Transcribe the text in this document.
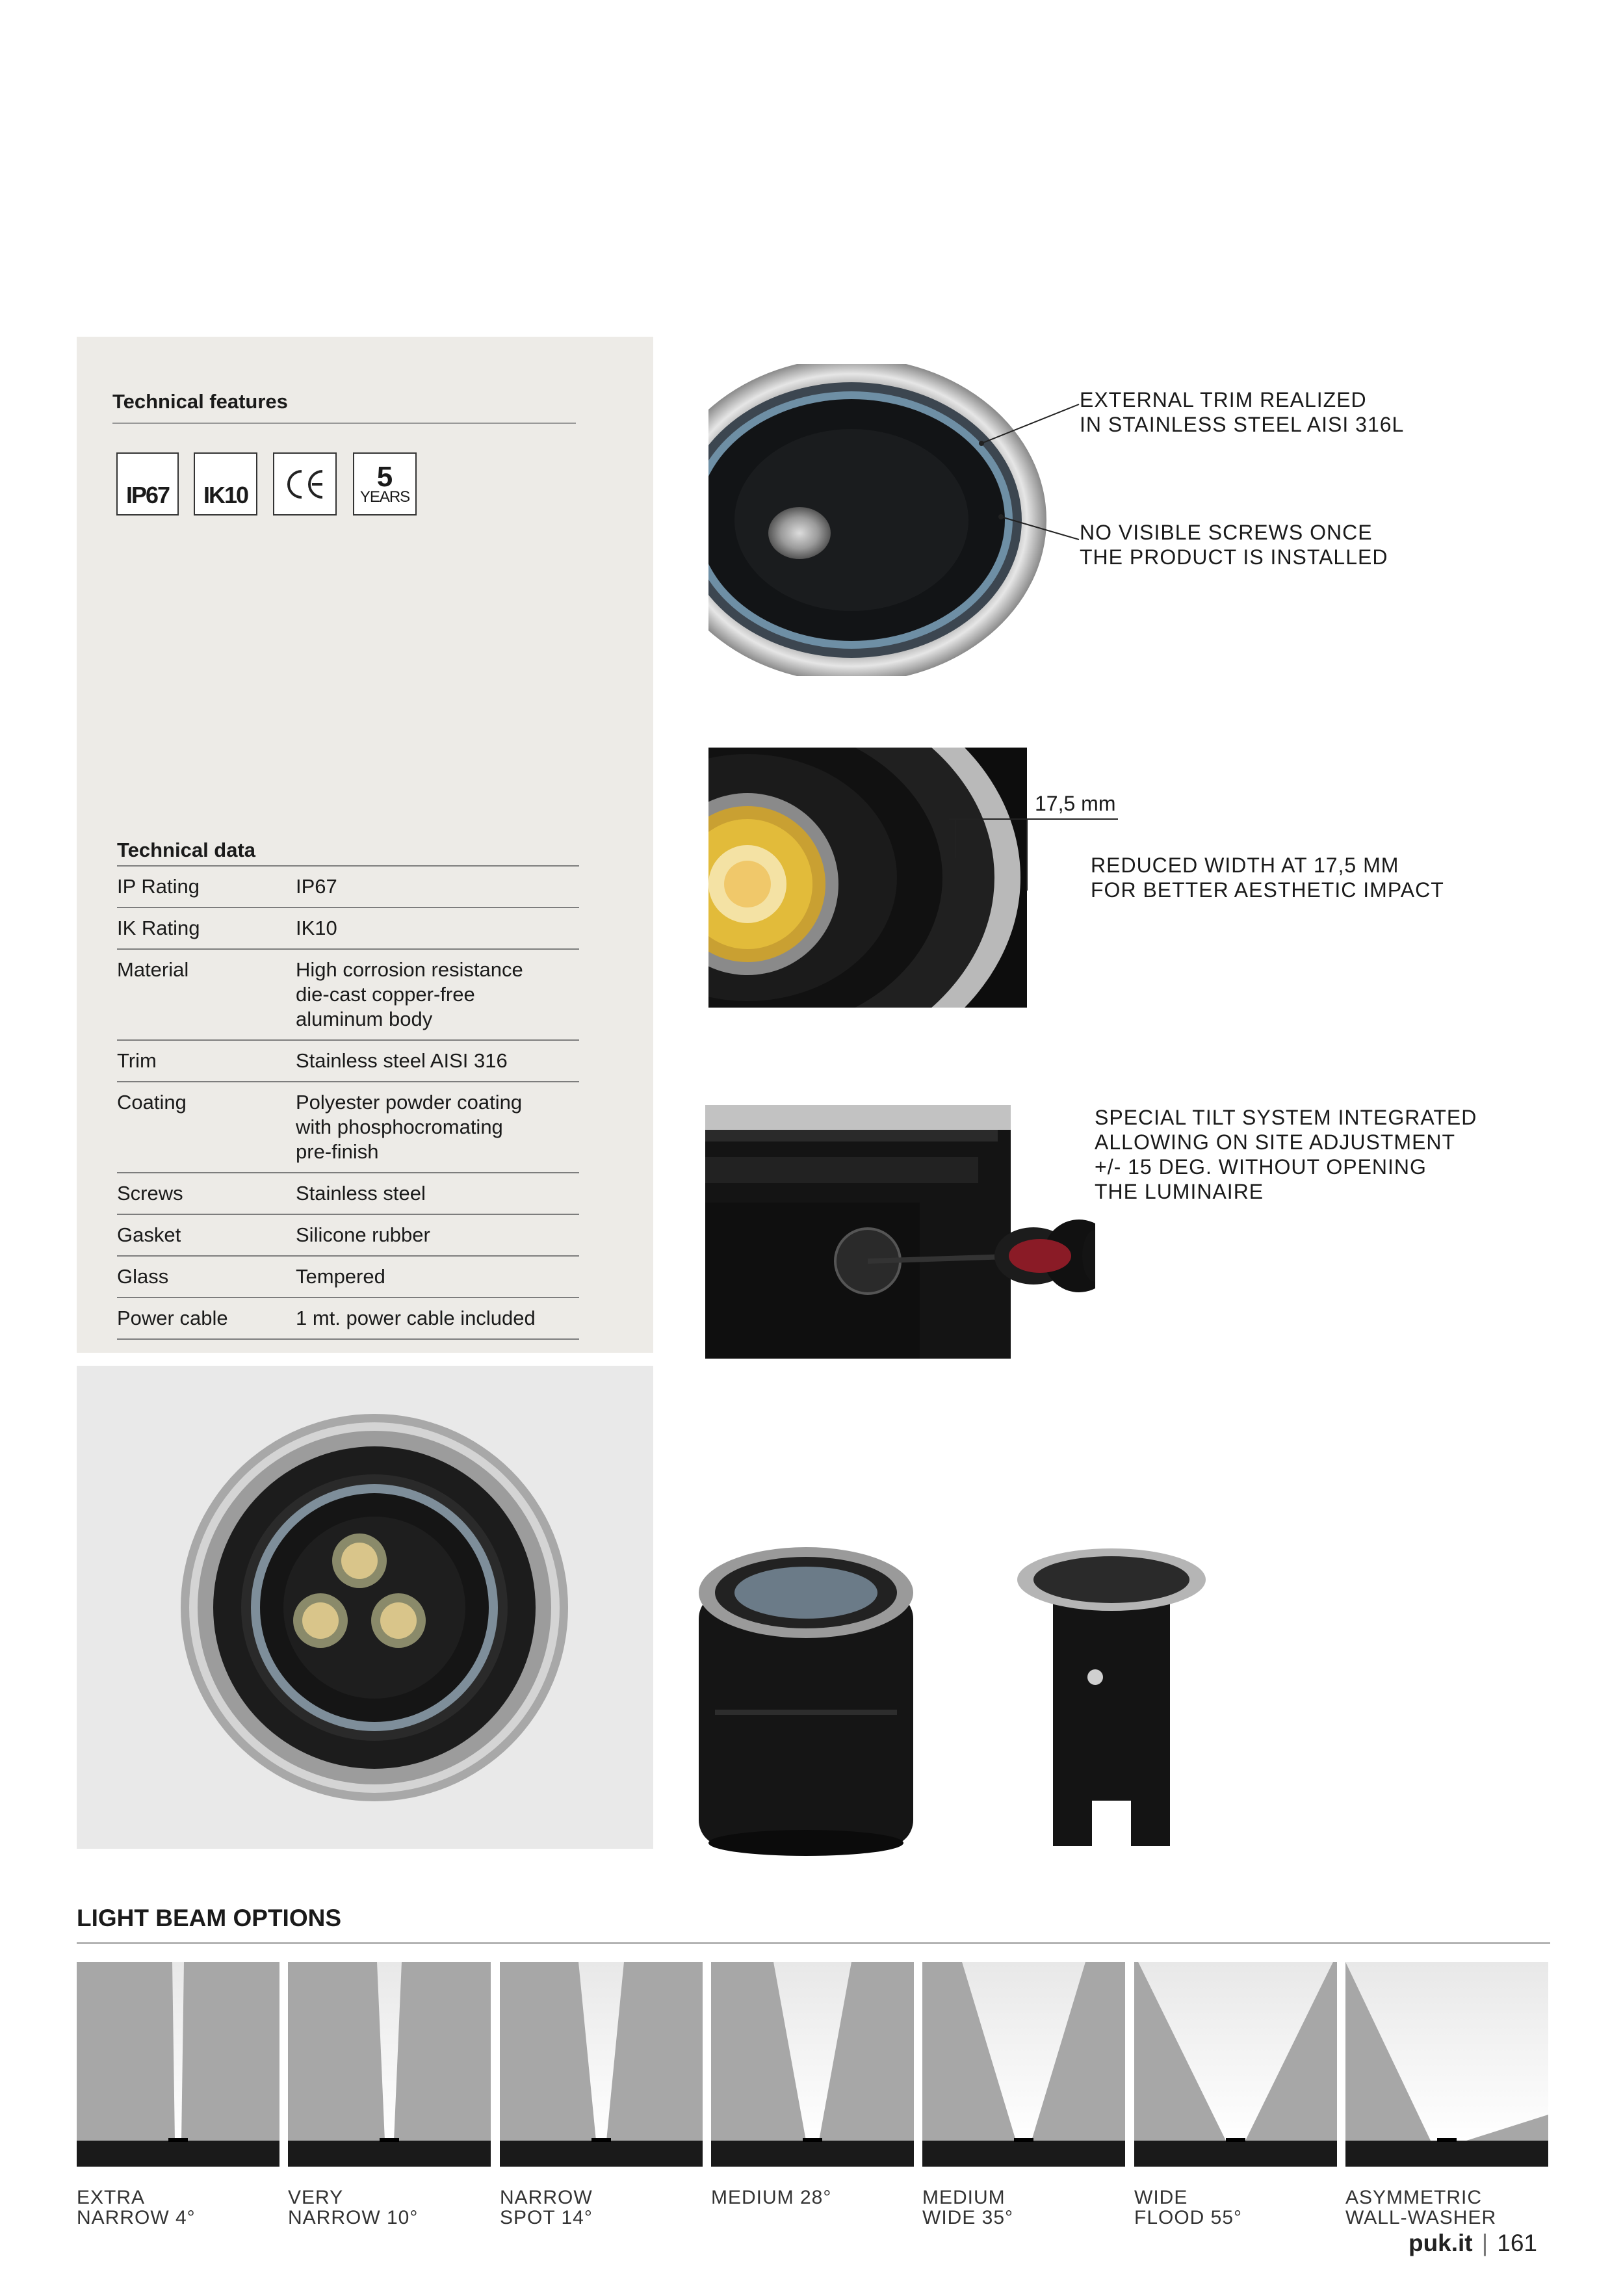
Technical features
IP67	IK10
5
YEARS
Technical data
IP Rating	IP67
IK Rating	IK10
Material	High corrosion resistance
die-cast copper-free
aluminum body
Trim	Stainless steel AISI 316
Coating	Polyester powder coating
with phosphocromating
pre-finish
Screws	Stainless steel
Gasket	Silicone rubber
Glass	Tempered
Power cable	1 mt. power cable included
EXTERNAL TRIM REALIZED
IN STAINLESS STEEL AISI 316L
NO VISIBLE SCREWS ONCE
THE PRODUCT IS INSTALLED
17,5 mm
REDUCED WIDTH AT 17,5 MM
FOR BETTER AESTHETIC IMPACT
SPECIAL TILT SYSTEM INTEGRATED
ALLOWING ON SITE ADJUSTMENT
+/- 15 DEG. WITHOUT OPENING
THE LUMINAIRE
LIGHT BEAM OPTIONS
EXTRA
NARROW 4°
VERY
NARROW 10°
NARROW
SPOT 14°
MEDIUM 28°	MEDIUM
WIDE 35°
WIDE
FLOOD 55°
ASYMMETRIC
WALL-WASHER
puk.it | 161
